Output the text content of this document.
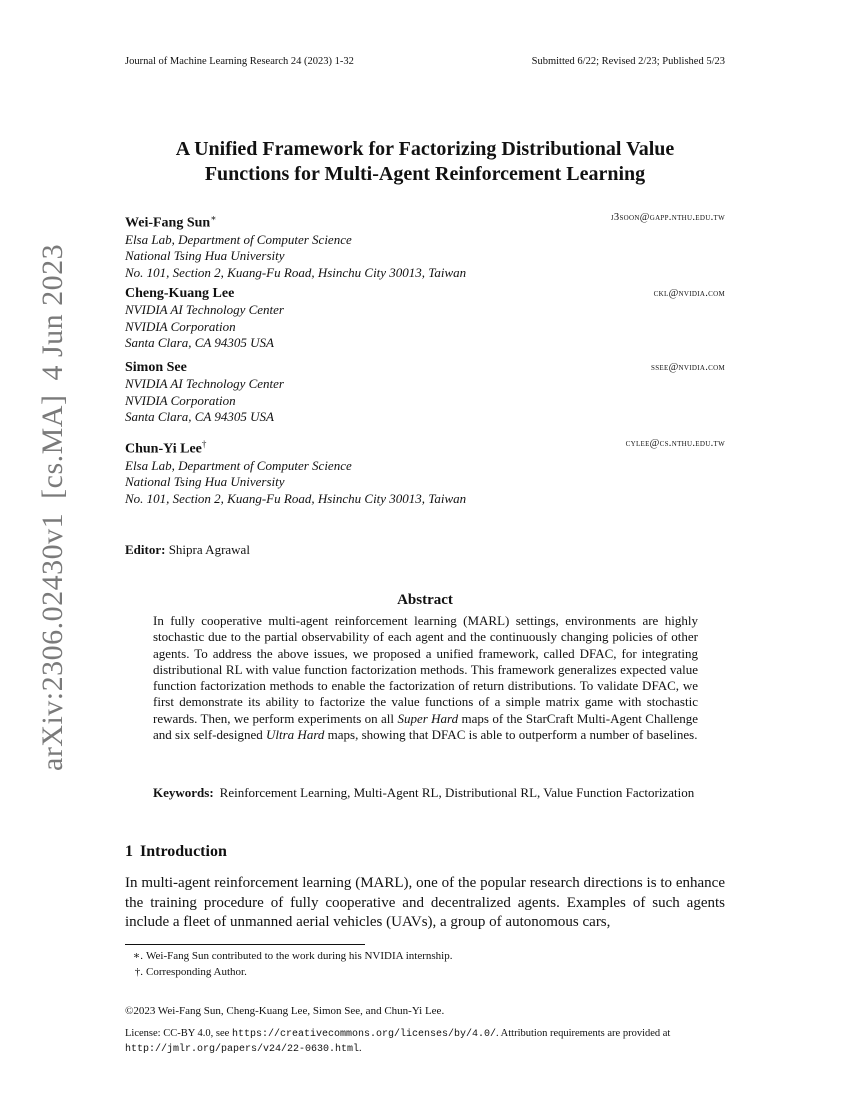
Journal of Machine Learning Research 24 (2023) 1-32	Submitted 6/22; Revised 2/23; Published 5/23
arXiv:2306.02430v1[cs.MA]4 Jun 2023
A Unified Framework for Factorizing Distributional Value
Functions for Multi-Agent Reinforcement Learning
Wei-Fang Sun∗	j3soon@gapp.nthu.edu.tw
Elsa Lab, Department of Computer Science
National Tsing Hua University
No. 101, Section 2, Kuang-Fu Road, Hsinchu City 30013, Taiwan
Cheng-Kuang Lee	ckl@nvidia.com
NVIDIA AI Technology Center
NVIDIA Corporation
Santa Clara, CA 94305 USA
Simon See	ssee@nvidia.com
NVIDIA AI Technology Center
NVIDIA Corporation
Santa Clara, CA 94305 USA
Chun-Yi Lee†	cylee@cs.nthu.edu.tw
Elsa Lab, Department of Computer Science
National Tsing Hua University
No. 101, Section 2, Kuang-Fu Road, Hsinchu City 30013, Taiwan
Editor: Shipra Agrawal
Abstract
In fully cooperative multi-agent reinforcement learning (MARL) settings, environments are highly stochastic due to the partial observability of each agent and the continuously changing policies of other agents. To address the above issues, we proposed a unified framework, called DFAC, for integrating distributional RL with value function factorization methods. This framework generalizes expected value function factorization methods to enable the factorization of return distributions. To validate DFAC, we first demonstrate its ability to factorize the value functions of a simple matrix game with stochastic rewards. Then, we perform experiments on all Super Hard maps of the StarCraft Multi-Agent Challenge and six self-designed Ultra Hard maps, showing that DFAC is able to outperform a number of baselines.
Keywords: Reinforcement Learning, Multi-Agent RL, Distributional RL, Value Function Factorization
1 Introduction
In multi-agent reinforcement learning (MARL), one of the popular research directions is to enhance the training procedure of fully cooperative and decentralized agents. Examples of such agents include a fleet of unmanned aerial vehicles (UAVs), a group of autonomous cars,
∗. Wei-Fang Sun contributed to the work during his NVIDIA internship.
†. Corresponding Author.
©2023 Wei-Fang Sun, Cheng-Kuang Lee, Simon See, and Chun-Yi Lee.
License: CC-BY 4.0, see https://creativecommons.org/licenses/by/4.0/. Attribution requirements are provided at http://jmlr.org/papers/v24/22-0630.html.
